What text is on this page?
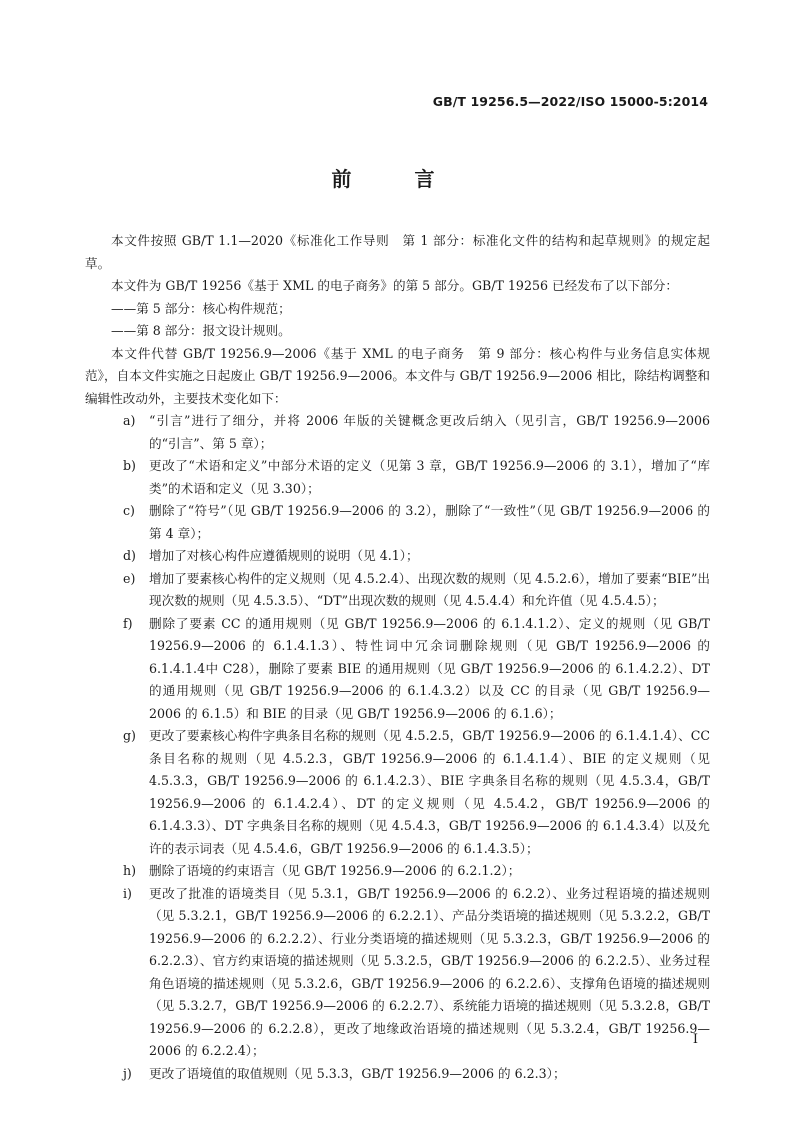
GB/T 19256.5—2022/ISO 15000-5:2014
前 言

本文件按照 GB/T 1.1—2020《标准化工作导则　第 1 部分：标准化文件的结构和起草规则》的规定起草。

本文件为 GB/T 19256《基于 XML 的电子商务》的第 5 部分。GB/T 19256 已经发布了以下部分：

——第 5 部分：核心构件规范；

——第 8 部分：报文设计规则。

本文件代替 GB/T 19256.9—2006《基于 XML 的电子商务　第 9 部分：核心构件与业务信息实体规范》，自本文件实施之日起废止 GB/T 19256.9—2006。本文件与 GB/T 19256.9—2006 相比，除结构调整和编辑性改动外，主要技术变化如下：

a) “引言”进行了细分，并将 2006 年版的关键概念更改后纳入（见引言，GB/T 19256.9—2006 的“引言”、第 5 章）；
b) 更改了“术语和定义”中部分术语的定义（见第 3 章，GB/T 19256.9—2006 的 3.1），增加了“库类”的术语和定义（见 3.30）；
c) 删除了“符号”（见 GB/T 19256.9—2006 的 3.2），删除了“一致性”（见 GB/T 19256.9—2006 的第 4 章）；
d) 增加了对核心构件应遵循规则的说明（见 4.1）；
e) 增加了要素核心构件的定义规则（见 4.5.2.4）、出现次数的规则（见 4.5.2.6），增加了要素“BIE”出现次数的规则（见 4.5.3.5）、“DT”出现次数的规则（见 4.5.4.4）和允许值（见 4.5.4.5）；
f) 删除了要素 CC 的通用规则（见 GB/T 19256.9—2006 的 6.1.4.1.2）、定义的规则（见 GB/T 19256.9—2006 的 6.1.4.1.3）、特性词中冗余词删除规则（见 GB/T 19256.9—2006 的 6.1.4.1.4中 C28），删除了要素 BIE 的通用规则（见 GB/T 19256.9—2006 的 6.1.4.2.2）、DT 的通用规则（见 GB/T 19256.9—2006 的 6.1.4.3.2）以及 CC 的目录（见 GB/T 19256.9—2006 的 6.1.5）和 BIE 的目录（见 GB/T 19256.9—2006 的 6.1.6）；
g) 更改了要素核心构件字典条目名称的规则（见 4.5.2.5，GB/T 19256.9—2006 的 6.1.4.1.4）、CC 条目名称的规则（见 4.5.2.3，GB/T 19256.9—2006 的 6.1.4.1.4）、BIE 的定义规则（见 4.5.3.3，GB/T 19256.9—2006 的 6.1.4.2.3）、BIE 字典条目名称的规则（见 4.5.3.4，GB/T 19256.9—2006 的 6.1.4.2.4）、DT 的定义规则（见 4.5.4.2，GB/T 19256.9—2006 的 6.1.4.3.3）、DT 字典条目名称的规则（见 4.5.4.3，GB/T 19256.9—2006 的 6.1.4.3.4）以及允许的表示词表（见 4.5.4.6，GB/T 19256.9—2006 的 6.1.4.3.5）；
h) 删除了语境的约束语言（见 GB/T 19256.9—2006 的 6.2.1.2）；
i) 更改了批准的语境类目（见 5.3.1，GB/T 19256.9—2006 的 6.2.2）、业务过程语境的描述规则（见 5.3.2.1，GB/T 19256.9—2006 的 6.2.2.1）、产品分类语境的描述规则（见 5.3.2.2，GB/T 19256.9—2006 的 6.2.2.2）、行业分类语境的描述规则（见 5.3.2.3，GB/T 19256.9—2006 的 6.2.2.3）、官方约束语境的描述规则（见 5.3.2.5，GB/T 19256.9—2006 的 6.2.2.5）、业务过程角色语境的描述规则（见 5.3.2.6，GB/T 19256.9—2006 的 6.2.2.6）、支撑角色语境的描述规则（见 5.3.2.7，GB/T 19256.9—2006 的 6.2.2.7）、系统能力语境的描述规则（见 5.3.2.8，GB/T 19256.9—2006 的 6.2.2.8），更改了地缘政治语境的描述规则（见 5.3.2.4，GB/T 19256.9—2006 的 6.2.2.4）；
j) 更改了语境值的取值规则（见 5.3.3，GB/T 19256.9—2006 的 6.2.3）；
I
